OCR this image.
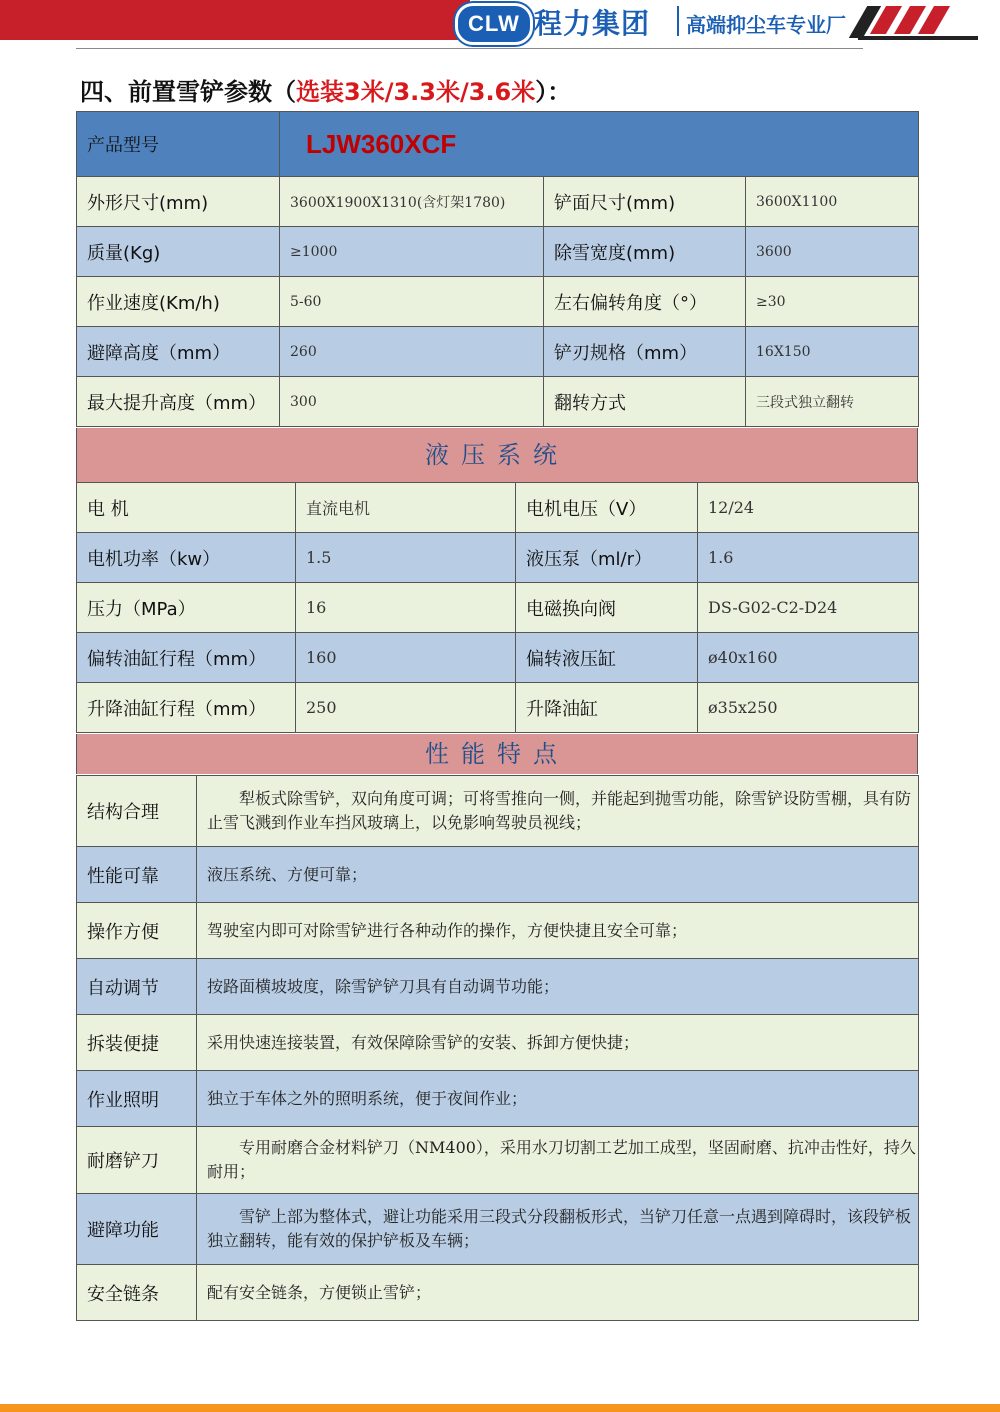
CLW 程力集团 高端抑尘车专业厂
四、前置雪铲参数（选装3米/3.3米/3.6米）：
产品型号	LJW360XCF		
外形尺寸(mm)	3600X1900X1310(含灯架1780)	铲面尺寸(mm)	3600X1100
质量(Kg)	≥1000	除雪宽度(mm)	3600
作业速度(Km/h)	5-60	左右偏转角度（°）	≥30
避障高度（mm）	260	铲刃规格（mm）	16X150
最大提升高度（mm）	300	翻转方式	三段式独立翻转
液压系统
电 机	直流电机	电机电压（V）	12/24
电机功率（kw）	1.5	液压泵（ml/r）	1.6
压力（MPa）	16	电磁换向阀	DS-G02-C2-D24
偏转油缸行程（mm）	160	偏转液压缸	ø40x160
升降油缸行程（mm）	250	升降油缸	ø35x250
性能特点
结构合理	　　犁板式除雪铲，双向角度可调；可将雪推向一侧，并能起到抛雪功能，除雪铲设防雪棚，具有防止雪飞溅到作业车挡风玻璃上，以免影响驾驶员视线；
性能可靠	液压系统、方便可靠；
操作方便	驾驶室内即可对除雪铲进行各种动作的操作，方便快捷且安全可靠；
自动调节	按路面横坡坡度，除雪铲铲刀具有自动调节功能；
拆装便捷	采用快速连接装置，有效保障除雪铲的安装、拆卸方便快捷；
作业照明	独立于车体之外的照明系统，便于夜间作业；
耐磨铲刀	　　专用耐磨合金材料铲刀（NM400），采用水刀切割工艺加工成型，坚固耐磨、抗冲击性好，持久耐用；
避障功能	　　雪铲上部为整体式，避让功能采用三段式分段翻板形式，当铲刀任意一点遇到障碍时，该段铲板独立翻转，能有效的保护铲板及车辆；
安全链条	配有安全链条，方便锁止雪铲；
